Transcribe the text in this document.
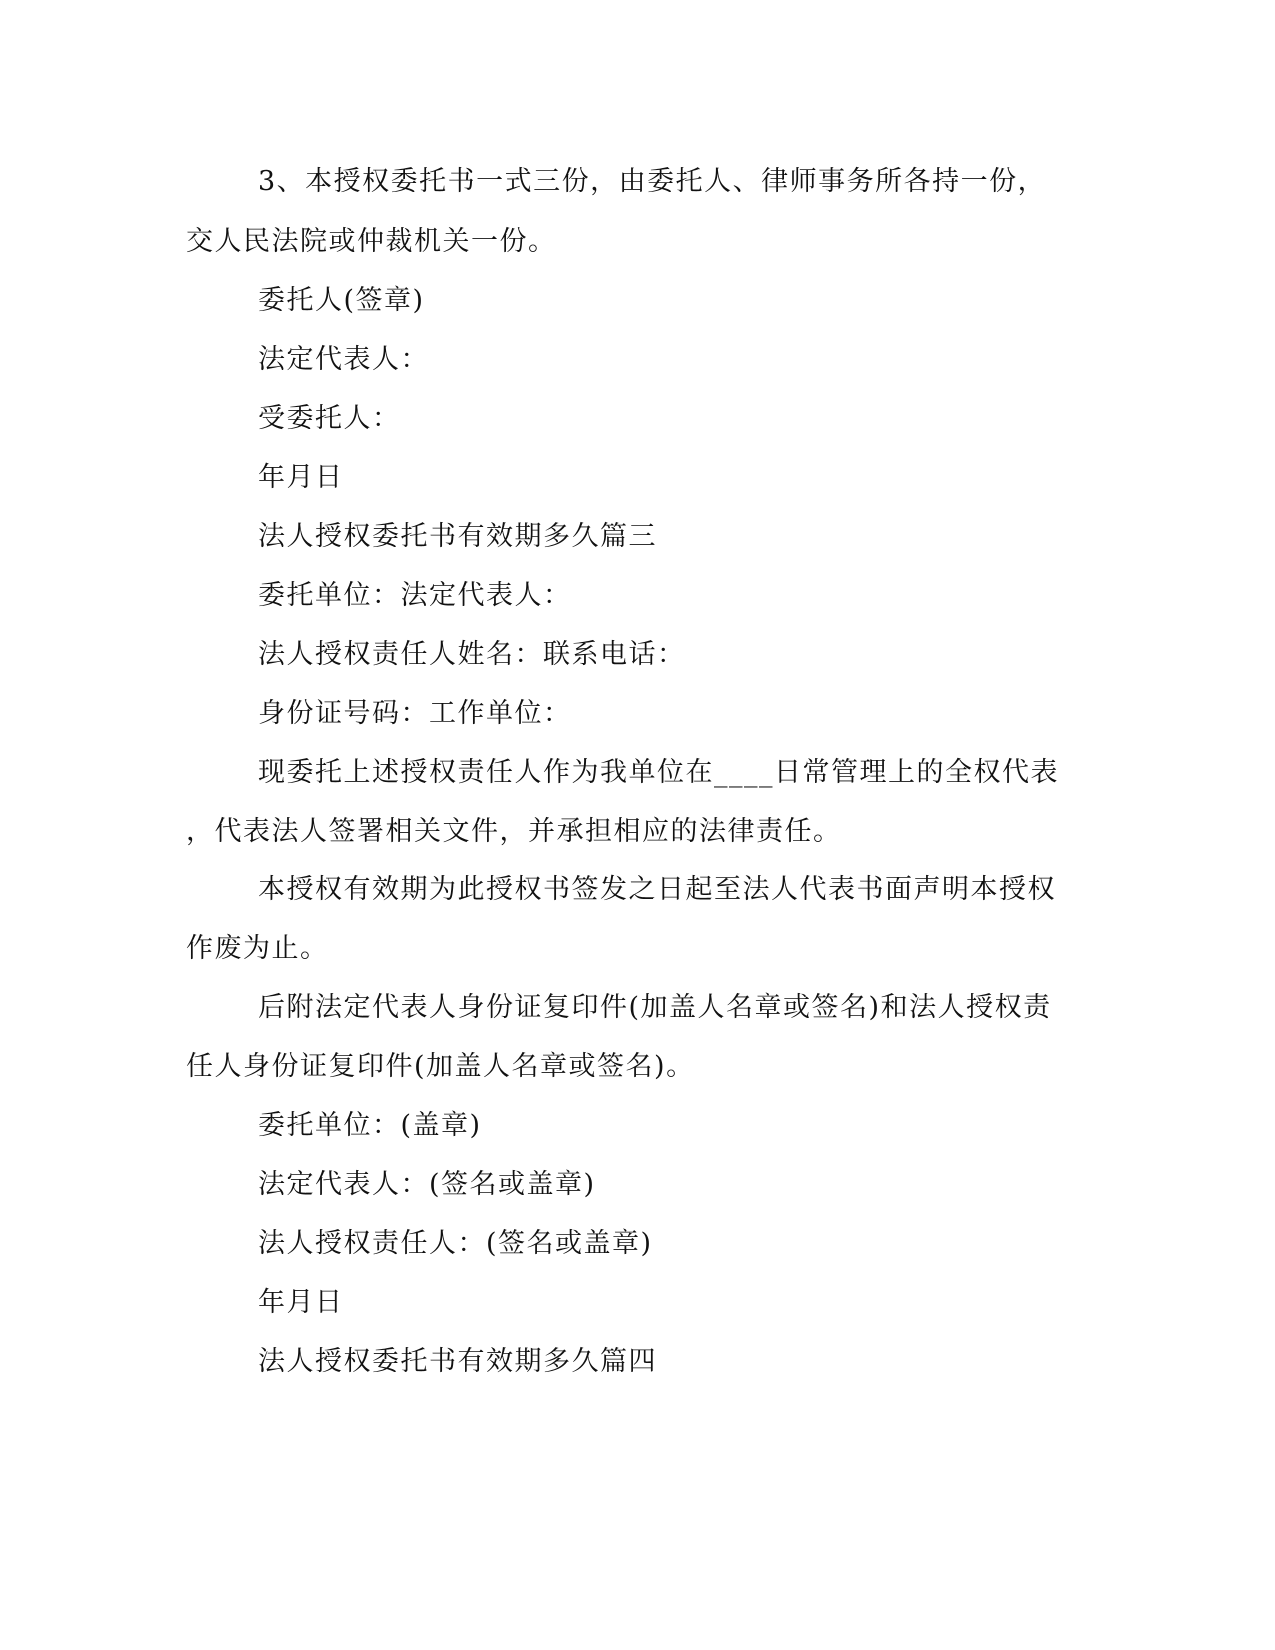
3、本授权委托书一式三份，由委托人、律师事务所各持一份，
交人民法院或仲裁机关一份。
委托人(签章)
法定代表人：
受委托人：
年月日
法人授权委托书有效期多久篇三
委托单位：法定代表人：
法人授权责任人姓名：联系电话：
身份证号码：工作单位：
现委托上述授权责任人作为我单位在____日常管理上的全权代表
，代表法人签署相关文件，并承担相应的法律责任。
本授权有效期为此授权书签发之日起至法人代表书面声明本授权
作废为止。
后附法定代表人身份证复印件(加盖人名章或签名)和法人授权责
任人身份证复印件(加盖人名章或签名)。
委托单位：(盖章)
法定代表人：(签名或盖章)
法人授权责任人：(签名或盖章)
年月日
法人授权委托书有效期多久篇四
